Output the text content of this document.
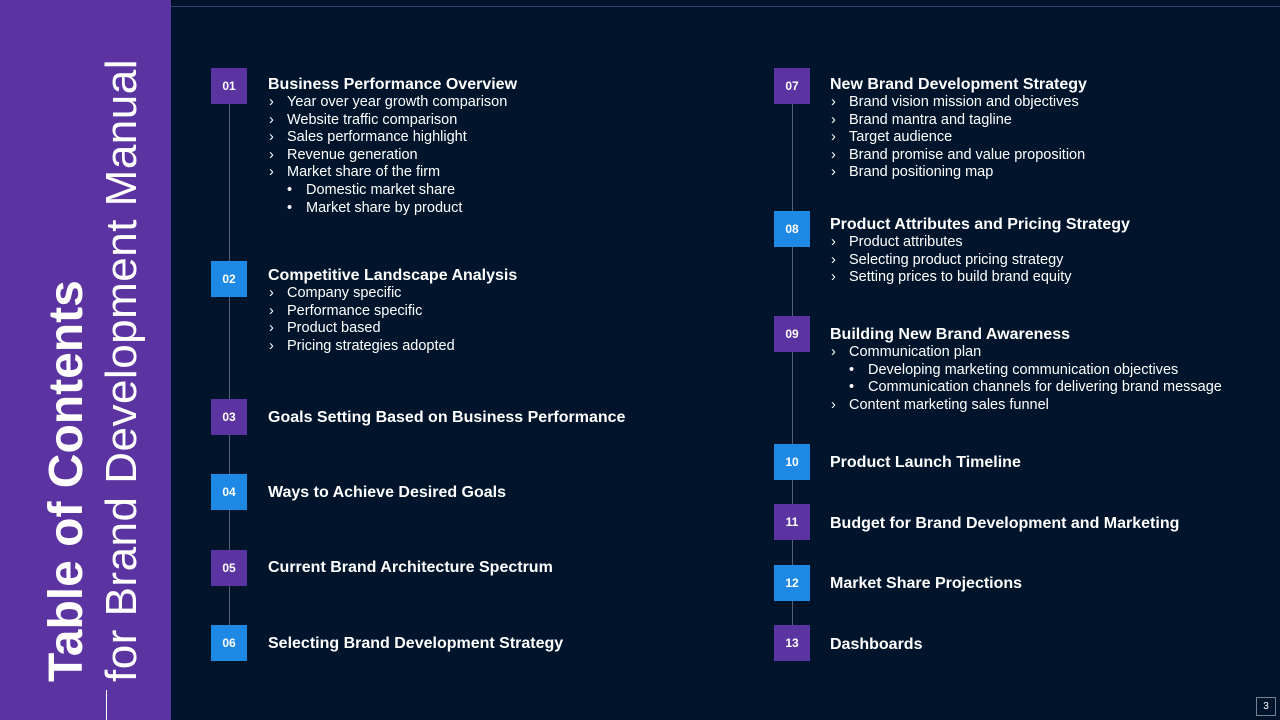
Table of Contents for Brand Development Manual	01	Business Performance Overview
› Year over year growth comparison
› Website traffic comparison
› Sales performance highlight
› Revenue generation
› Market share of the firm
• Domestic market share
• Market share by product
02	Competitive Landscape Analysis
› Company specific
› Performance specific
› Product based
› Pricing strategies adopted
03	Goals Setting Based on Business Performance
04	Ways to Achieve Desired Goals
05	Current Brand Architecture Spectrum
06	Selecting Brand Development Strategy
07	New Brand Development Strategy
› Brand vision mission and objectives
› Brand mantra and tagline
› Target audience
› Brand promise and value proposition
› Brand positioning map
08	Product Attributes and Pricing Strategy
› Product attributes
› Selecting product pricing strategy
› Setting prices to build brand equity
09	Building New Brand Awareness
› Communication plan
• Developing marketing communication objectives
• Communication channels for delivering brand message
› Content marketing sales funnel
10	Product Launch Timeline
11	Budget for Brand Development and Marketing
12	Market Share Projections
13	Dashboards
3
